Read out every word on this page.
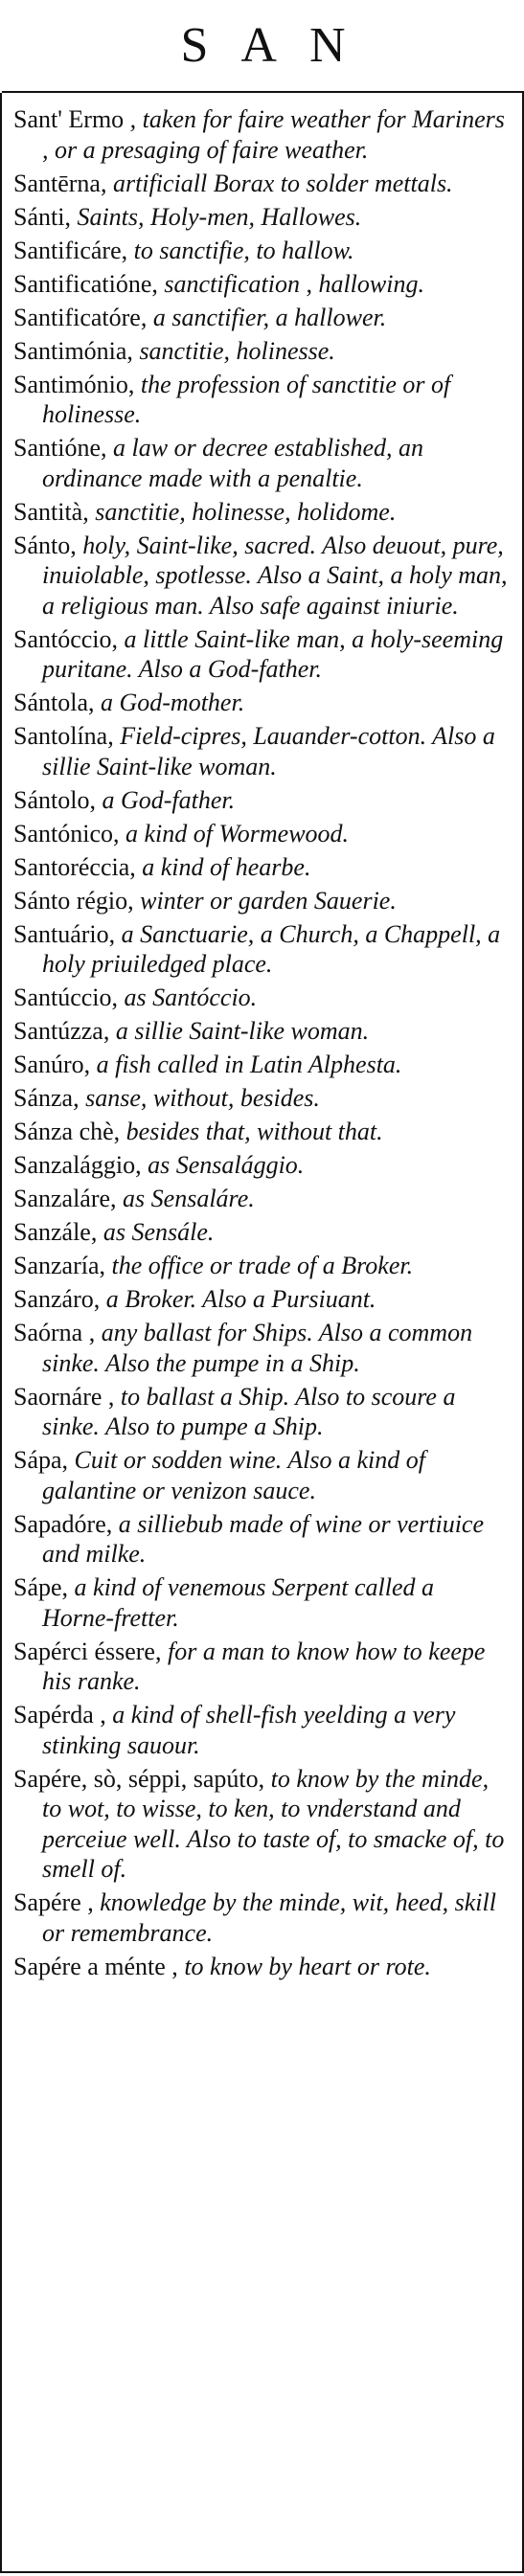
SAN
Sant' Ermo , taken for faire weather for Mariners , or a presaging of faire weather.
Santērna, artificiall Borax to solder mettals.
Sánti, Saints, Holy-men, Hallowes.
Santificáre, to sanctifie, to hallow.
Santificatióne, sanctification , hallowing.
Santificatóre, a sanctifier, a hallower.
Santimónia, sanctitie, holinesse.
Santimónio, the profession of sanctitie or of holinesse.
Santióne, a law or decree established, an ordinance made with a penaltie.
Santità, sanctitie, holinesse, holidome.
Sánto, holy, Saint-like, sacred. Also deuout, pure, inuiolable, spotlesse. Also a Saint, a holy man, a religious man. Also safe against iniurie.
Santóccio, a little Saint-like man, a holy-seeming puritane. Also a God-father.
Sántola, a God-mother.
Santolína, Field-cipres, Lauander-cotton. Also a sillie Saint-like woman.
Sántolo, a God-father.
Santónico, a kind of Wormewood.
Santoréccia, a kind of hearbe.
Sánto régio, winter or garden Sauerie.
Santuário, a Sanctuarie, a Church, a Chappell, a holy priuiledged place.
Santúccio, as Santóccio.
Santúzza, a sillie Saint-like woman.
Sanúro, a fish called in Latin Alphesta.
Sánza, sanse, without, besides.
Sánza chè, besides that, without that.
Sanzalággio, as Sensalággio.
Sanzaláre, as Sensaláre.
Sanzále, as Sensále.
Sanzaría, the office or trade of a Broker.
Sanzáro, a Broker. Also a Pursiuant.
Saórna , any ballast for Ships. Also a common sinke. Also the pumpe in a Ship.
Saornáre , to ballast a Ship. Also to scoure a sinke. Also to pumpe a Ship.
Sápa, Cuit or sodden wine. Also a kind of galantine or venizon sauce.
Sapadóre, a silliebub made of wine or vertiuice and milke.
Sápe, a kind of venemous Serpent called a Horne-fretter.
Sapérci éssere, for a man to know how to keepe his ranke.
Sapérda , a kind of shell-fish yeelding a very stinking sauour.
Sapére, sò, séppi, sapúto, to know by the minde, to wot, to wisse, to ken, to vnderstand and perceiue well. Also to taste of, to smacke of, to smell of.
Sapére , knowledge by the minde, wit, heed, skill or remembrance.
Sapére a ménte , to know by heart or rote.
